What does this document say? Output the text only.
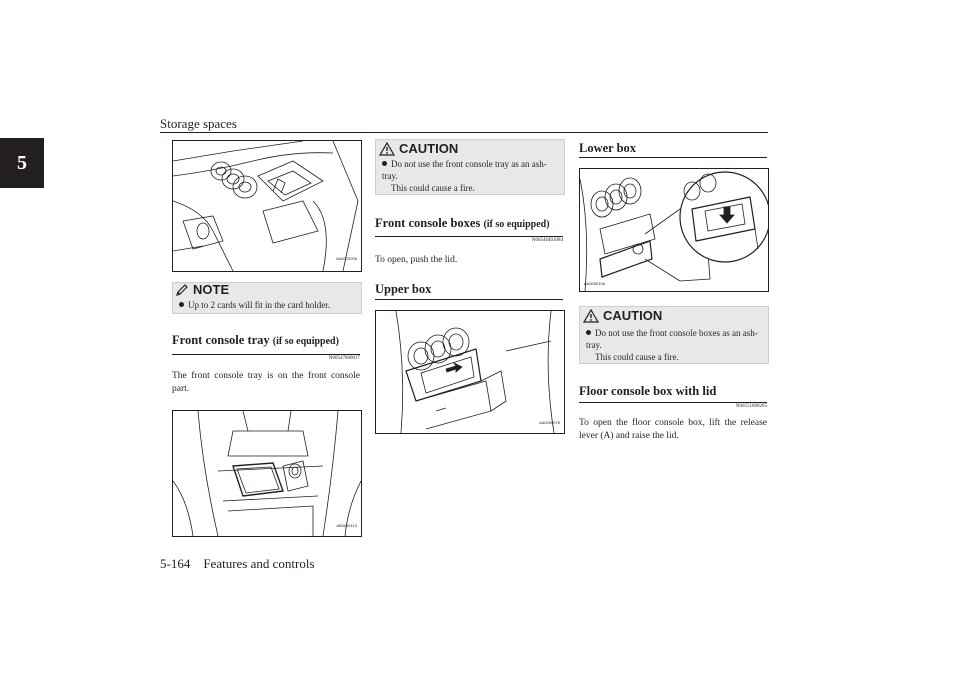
Storage spaces
5
AA0075206
NOTE
Up to 2 cards will fit in the card holder.
Front console tray (if so equipped)
N00547800017
The front console tray is on the front console part.
AB0000113
CAUTION
Do not use the front console tray as an ash-tray.
This could cause a fire.
Front console boxes (if so equipped)
N00546401084
To open, push the lid.
Upper box
AA0090076
Lower box
AA0090106
CAUTION
Do not use the front console boxes as an ash-tray.
This could cause a fire.
Floor console box with lid
N00551600205
To open the floor console box, lift the release lever (A) and raise the lid.
5-164    Features and controls
